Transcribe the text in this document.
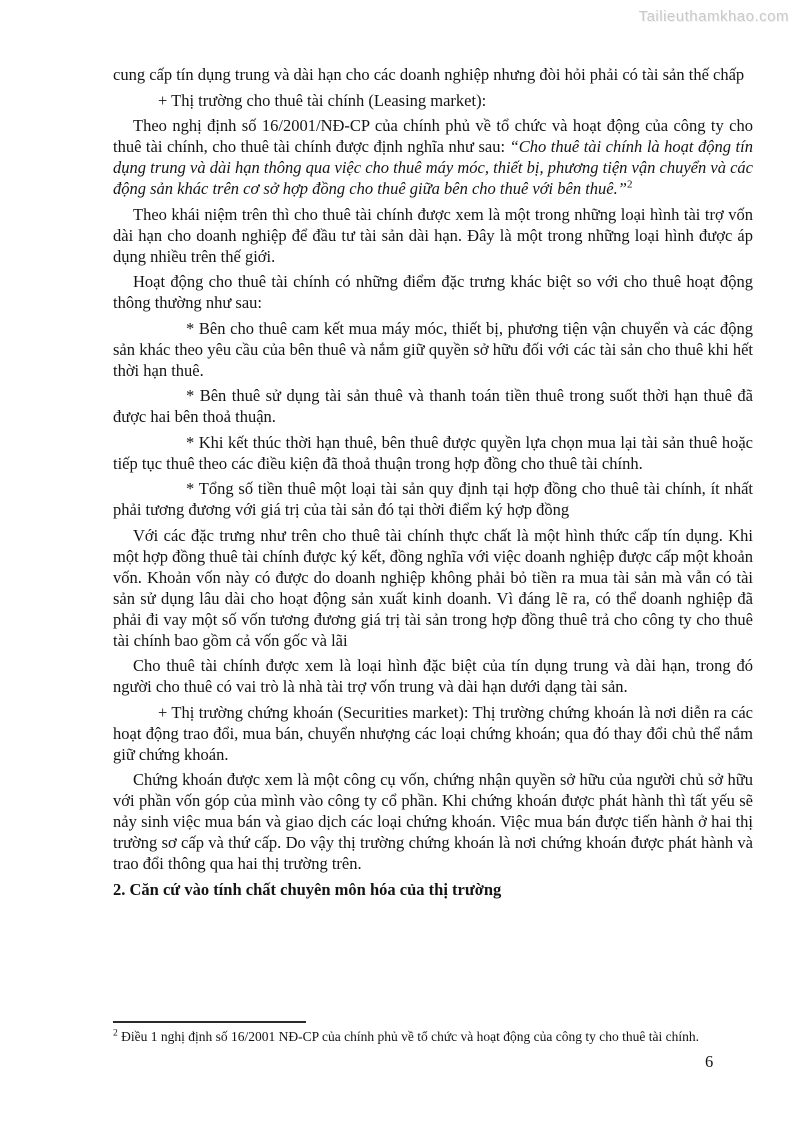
Tailieuthamkhao.com

cung cấp tín dụng trung và dài hạn cho các doanh nghiệp nhưng đòi hỏi phải có tài sản thế chấp

+ Thị trường cho thuê tài chính (Leasing market):

Theo nghị định số 16/2001/NĐ-CP của chính phủ về tổ chức và hoạt động của công ty cho thuê tài chính, cho thuê tài chính được định nghĩa như sau: “Cho thuê tài chính là hoạt động tín dụng trung và dài hạn thông qua việc cho thuê máy móc, thiết bị, phương tiện vận chuyển và các động sản khác trên cơ sở hợp đồng cho thuê giữa bên cho thuê với bên thuê.”$^2$

Theo khái niệm trên thì cho thuê tài chính được xem là một trong những loại hình tài trợ vốn dài hạn cho doanh nghiệp để đầu tư tài sản dài hạn. Đây là một trong những loại hình được áp dụng nhiều trên thế giới.

Hoạt động cho thuê tài chính có những điểm đặc trưng khác biệt so với cho thuê hoạt động thông thường như sau:

* Bên cho thuê cam kết mua máy móc, thiết bị, phương tiện vận chuyển và các động sản khác theo yêu cầu của bên thuê và nắm giữ quyền sở hữu đối với các tài sản cho thuê khi hết thời hạn thuê.

* Bên thuê sử dụng tài sản thuê và thanh toán tiền thuê trong suốt thời hạn thuê đã được hai bên thoả thuận.

* Khi kết thúc thời hạn thuê, bên thuê được quyền lựa chọn mua lại tài sản thuê hoặc tiếp tục thuê theo các điều kiện đã thoả thuận trong hợp đồng cho thuê tài chính.

* Tổng số tiền thuê một loại tài sản quy định tại hợp đồng cho thuê tài chính, ít nhất phải tương đương với giá trị của tài sản đó tại thời điểm ký hợp đồng

Với các đặc trưng như trên cho thuê tài chính thực chất là một hình thức cấp tín dụng. Khi một hợp đồng thuê tài chính được ký kết, đồng nghĩa với việc doanh nghiệp được cấp một khoản vốn. Khoản vốn này có được do doanh nghiệp không phải bỏ tiền ra mua tài sản mà vẫn có tài sản sử dụng lâu dài cho hoạt động sản xuất kinh doanh. Vì đáng lẽ ra, có thể doanh nghiệp đã phải đi vay một số vốn tương đương giá trị tài sản trong hợp đồng thuê trả cho công ty cho thuê tài chính bao gồm cả vốn gốc và lãi

Cho thuê tài chính được xem là loại hình đặc biệt của tín dụng trung và dài hạn, trong đó người cho thuê có vai trò là nhà tài trợ vốn trung và dài hạn dưới dạng tài sản.

+ Thị trường chứng khoán (Securities market): Thị trường chứng khoán là nơi diễn ra các hoạt động trao đổi, mua bán, chuyển nhượng các loại chứng khoán; qua đó thay đổi chủ thể nắm giữ chứng khoán.

Chứng khoán được xem là một công cụ vốn, chứng nhận quyền sở hữu của người chủ sở hữu với phần vốn góp của mình vào công ty cổ phần. Khi chứng khoán được phát hành thì tất yếu sẽ nảy sinh việc mua bán và giao dịch các loại chứng khoán. Việc mua bán được tiến hành ở hai thị trường sơ cấp và thứ cấp. Do vậy thị trường chứng khoán là nơi chứng khoán được phát hành và trao đổi thông qua hai thị trường trên.

2. Căn cứ vào tính chất chuyên môn hóa của thị trường

$^2$ Điều 1 nghị định số 16/2001 NĐ-CP của chính phủ về tổ chức và hoạt động của công ty cho thuê tài chính.
6
